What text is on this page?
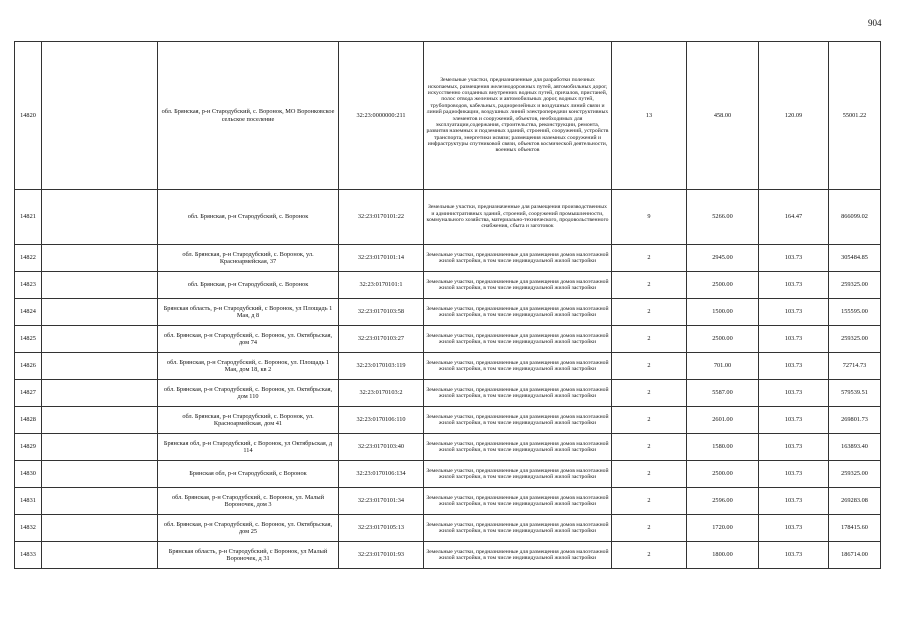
904
14820		обл. Брянская, р-н Стародубский, с. Воронок, МО Воронковское сельское поселение	32:23:0000000:211	Земельные участки, предназначенные для разработки полезных ископаемых, размещения железнодорожных путей, автомобильных дорог, искусственно созданных внутренних водных путей, причалов, пристаней, полос отвода железных и автомобильных дорог, водных путей, трубопроводов, кабельных, радиорелейных и воздушных линий связи и линий радиофикации, воздушных линий электропередачи конструктивных элементов и сооружений, объектов, необходимых для эксплуатации,содержания, строительства, реконструкции, ремонта, развития наземных и подземных зданий, строений, сооружений, устройств транспорта, энергетики исвязи; размещения наземных сооружений и инфраструктуры спутниковой связи, объектов космической деятельности, военных объектов	13	458.00	120.09	55001.22
14821		обл. Брянская, р-н Стародубский, с. Воронок	32:23:0170101:22	Земельные участки, предназначенные для размещения производственных и административных зданий, строений, сооружений промышленности, коммунального хозяйства, материально-технического, продовольственного снабжения, сбыта и заготовок	9	5266.00	164.47	866099.02
14822		обл. Брянская, р-н Стародубский, с. Воронок, ул. Красноармейская, 37	32:23:0170101:14	Земельные участки, предназначенные для размещения домов малоэтажной жилой застройки, в том числе индивидуальной жилой застройки	2	2945.00	103.73	305484.85
14823		обл. Брянская, р-н Стародубский, с. Воронок	32:23:0170101:1	Земельные участки, предназначенные для размещения домов малоэтажной жилой застройки, в том числе индивидуальной жилой застройки	2	2500.00	103.73	259325.00
14824		Брянская область, р-н Стародубский, с Воронок, ул Площадь 1 Мая, д 8	32:23:0170103:58	Земельные участки, предназначенные для размещения домов малоэтажной жилой застройки, в том числе индивидуальной жилой застройки	2	1500.00	103.73	155595.00
14825		обл. Брянская, р-н Стародубский, с. Воронок, ул. Октябрьская, дом 74	32:23:0170103:27	Земельные участки, предназначенные для размещения домов малоэтажной жилой застройки, в том числе индивидуальной жилой застройки	2	2500.00	103.73	259325.00
14826		обл. Брянская, р-н Стародубский, с. Воронок, ул. Площадь 1 Мая, дом 18, кв 2	32:23:0170103:119	Земельные участки, предназначенные для размещения домов малоэтажной жилой застройки, в том числе индивидуальной жилой застройки	2	701.00	103.73	72714.73
14827		обл. Брянская, р-н Стародубский, с. Воронок, ул. Октябрьская, дом 110	32:23:0170103:2	Земельные участки, предназначенные для размещения домов малоэтажной жилой застройки, в том числе индивидуальной жилой застройки	2	5587.00	103.73	579539.51
14828		обл. Брянская, р-н Стародубский, с. Воронок, ул. Красноармейская, дом 41	32:23:0170106:110	Земельные участки, предназначенные для размещения домов малоэтажной жилой застройки, в том числе индивидуальной жилой застройки	2	2601.00	103.73	269801.73
14829		Брянская обл, р-н Стародубский, с Воронок, ул Октябрьская, д 114	32:23:0170103:40	Земельные участки, предназначенные для размещения домов малоэтажной жилой застройки, в том числе индивидуальной жилой застройки	2	1580.00	103.73	163893.40
14830		Брянская обл, р-н Стародубский, с Воронок	32:23:0170106:134	Земельные участки, предназначенные для размещения домов малоэтажной жилой застройки, в том числе индивидуальной жилой застройки	2	2500.00	103.73	259325.00
14831		обл. Брянская, р-н Стародубский, с. Воронок, ул. Малый Вороночек, дом 3	32:23:0170101:34	Земельные участки, предназначенные для размещения домов малоэтажной жилой застройки, в том числе индивидуальной жилой застройки	2	2596.00	103.73	269283.08
14832		обл. Брянская, р-н Стародубский, с. Воронок, ул. Октябрьская, дом 25	32:23:0170105:13	Земельные участки, предназначенные для размещения домов малоэтажной жилой застройки, в том числе индивидуальной жилой застройки	2	1720.00	103.73	178415.60
14833		Брянская область, р-н Стародубский, с Воронок, ул Малый Вороночек, д 31	32:23:0170101:93	Земельные участки, предназначенные для размещения домов малоэтажной жилой застройки, в том числе индивидуальной жилой застройки	2	1800.00	103.73	186714.00
